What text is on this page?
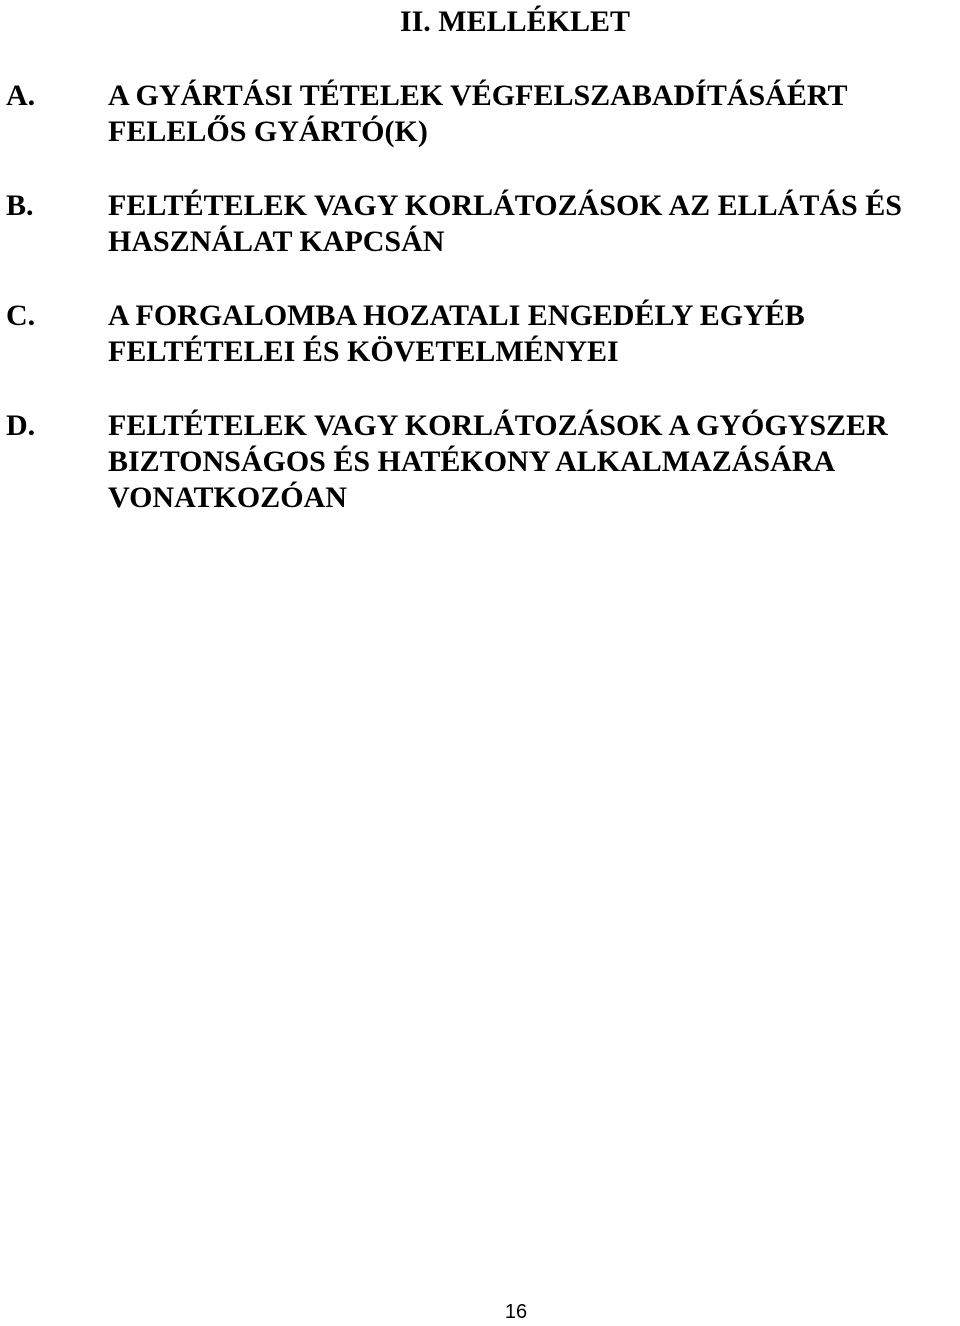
II. MELLÉKLET
A. A GYÁRTÁSI TÉTELEK VÉGFELSZABADÍTÁSÁÉRT
FELELŐS GYÁRTÓ(K)
B. FELTÉTELEK VAGY KORLÁTOZÁSOK AZ ELLÁTÁS ÉS
HASZNÁLAT KAPCSÁN
C. A FORGALOMBA HOZATALI ENGEDÉLY EGYÉB
FELTÉTELEI ÉS KÖVETELMÉNYEI
D. FELTÉTELEK VAGY KORLÁTOZÁSOK A GYÓGYSZER
BIZTONSÁGOS ÉS HATÉKONY ALKALMAZÁSÁRA
VONATKOZÓAN
16
